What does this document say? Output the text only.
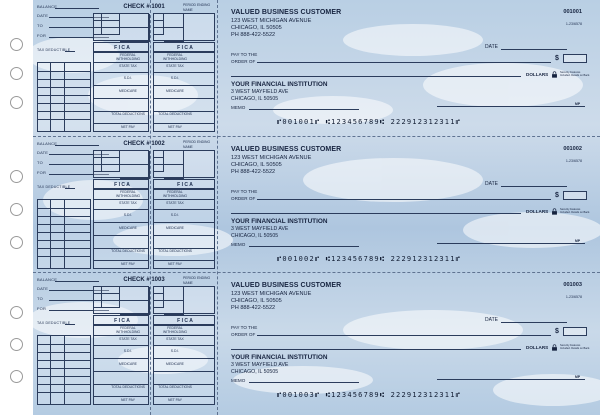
BALANCE
DATE
TO
FOR
TAX DEDUCTIBLE
CHECK # 1001
F I C A
FEDERAL WITHHOLDING
STATE TAX
S.D.I.
MEDICARE
TOTAL DEDUCTIONS
NET PAY
PERIOD ENDING
NAME
F I C A
FEDERAL WITHHOLDING
STATE TAX
S.D.I.
MEDICARE
TOTAL DEDUCTIONS
NET PAY
VALUED BUSINESS CUSTOMER
123 WEST MICHIGAN AVENUE
CHICAGO, IL 50505
PH 888-422-5522
001001
1-23/6578
DATE
PAY TO THE
ORDER OF	$
DOLLARS	Security Features Included. Details on Back.
YOUR FINANCIAL INSTITUTION
3 WEST MAYFIELD AVE
CHICAGO, IL 50505
MEMO
MP
⑈001001⑈ ⑆123456789⑆ 222912312311⑈
BALANCE
DATE
TO
FOR
TAX DEDUCTIBLE
CHECK # 1002
F I C A
FEDERAL WITHHOLDING
STATE TAX
S.D.I.
MEDICARE
TOTAL DEDUCTIONS
NET PAY
PERIOD ENDING
NAME
F I C A
FEDERAL WITHHOLDING
STATE TAX
S.D.I.
MEDICARE
TOTAL DEDUCTIONS
NET PAY
VALUED BUSINESS CUSTOMER
123 WEST MICHIGAN AVENUE
CHICAGO, IL 50505
PH 888-422-5522
001002
1-23/6578
DATE
PAY TO THE
ORDER OF	$
DOLLARS	Security Features Included. Details on Back.
YOUR FINANCIAL INSTITUTION
3 WEST MAYFIELD AVE
CHICAGO, IL 50505
MEMO
MP
⑈001002⑈ ⑆123456789⑆ 222912312311⑈
BALANCE
DATE
TO
FOR
TAX DEDUCTIBLE
CHECK # 1003
F I C A
FEDERAL WITHHOLDING
STATE TAX
S.D.I.
MEDICARE
TOTAL DEDUCTIONS
NET PAY
PERIOD ENDING
NAME
F I C A
FEDERAL WITHHOLDING
STATE TAX
S.D.I.
MEDICARE
TOTAL DEDUCTIONS
NET PAY
VALUED BUSINESS CUSTOMER
123 WEST MICHIGAN AVENUE
CHICAGO, IL 50505
PH 888-422-5522
001003
1-23/6578
DATE
PAY TO THE
ORDER OF	$
DOLLARS	Security Features Included. Details on Back.
YOUR FINANCIAL INSTITUTION
3 WEST MAYFIELD AVE
CHICAGO, IL 50505
MEMO
MP
⑈001003⑈ ⑆123456789⑆ 222912312311⑈
